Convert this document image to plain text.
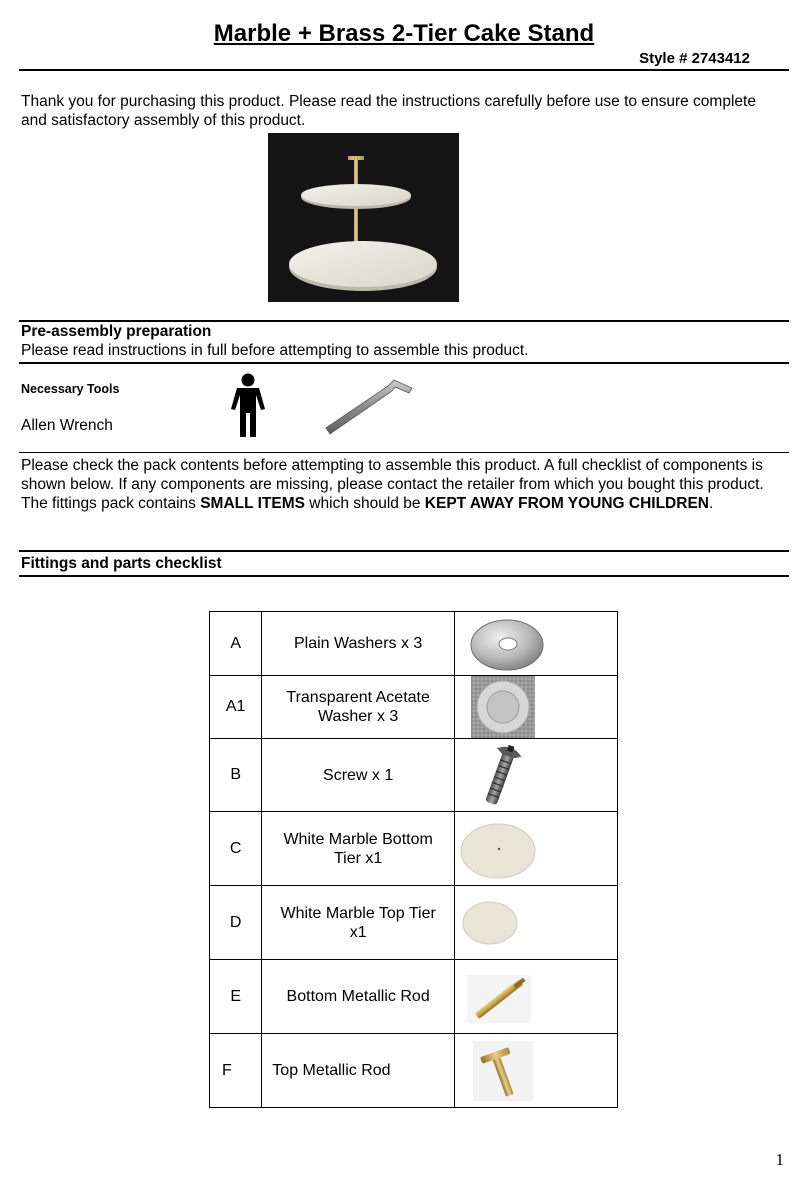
Marble + Brass 2-Tier Cake Stand
Style # 2743412
Thank you for purchasing this product. Please read the instructions carefully before use to ensure complete and satisfactory assembly of this product.
Pre-assembly preparation
Please read instructions in full before attempting to assemble this product.
Necessary Tools
Allen Wrench
Please check the pack contents before attempting to assemble this product. A full checklist of components is shown below. If any components are missing, please contact the retailer from which you bought this product.
The fittings pack contains SMALL ITEMS which should be KEPT AWAY FROM YOUNG CHILDREN.
Fittings and parts checklist
A	Plain Washers x 3	

A1	Transparent Acetate Washer x 3	

B	Screw x 1	

C	White Marble Bottom Tier x1	

D	White Marble Top Tier x1	

E	Bottom Metallic Rod	

F	Top Metallic Rod	
1
